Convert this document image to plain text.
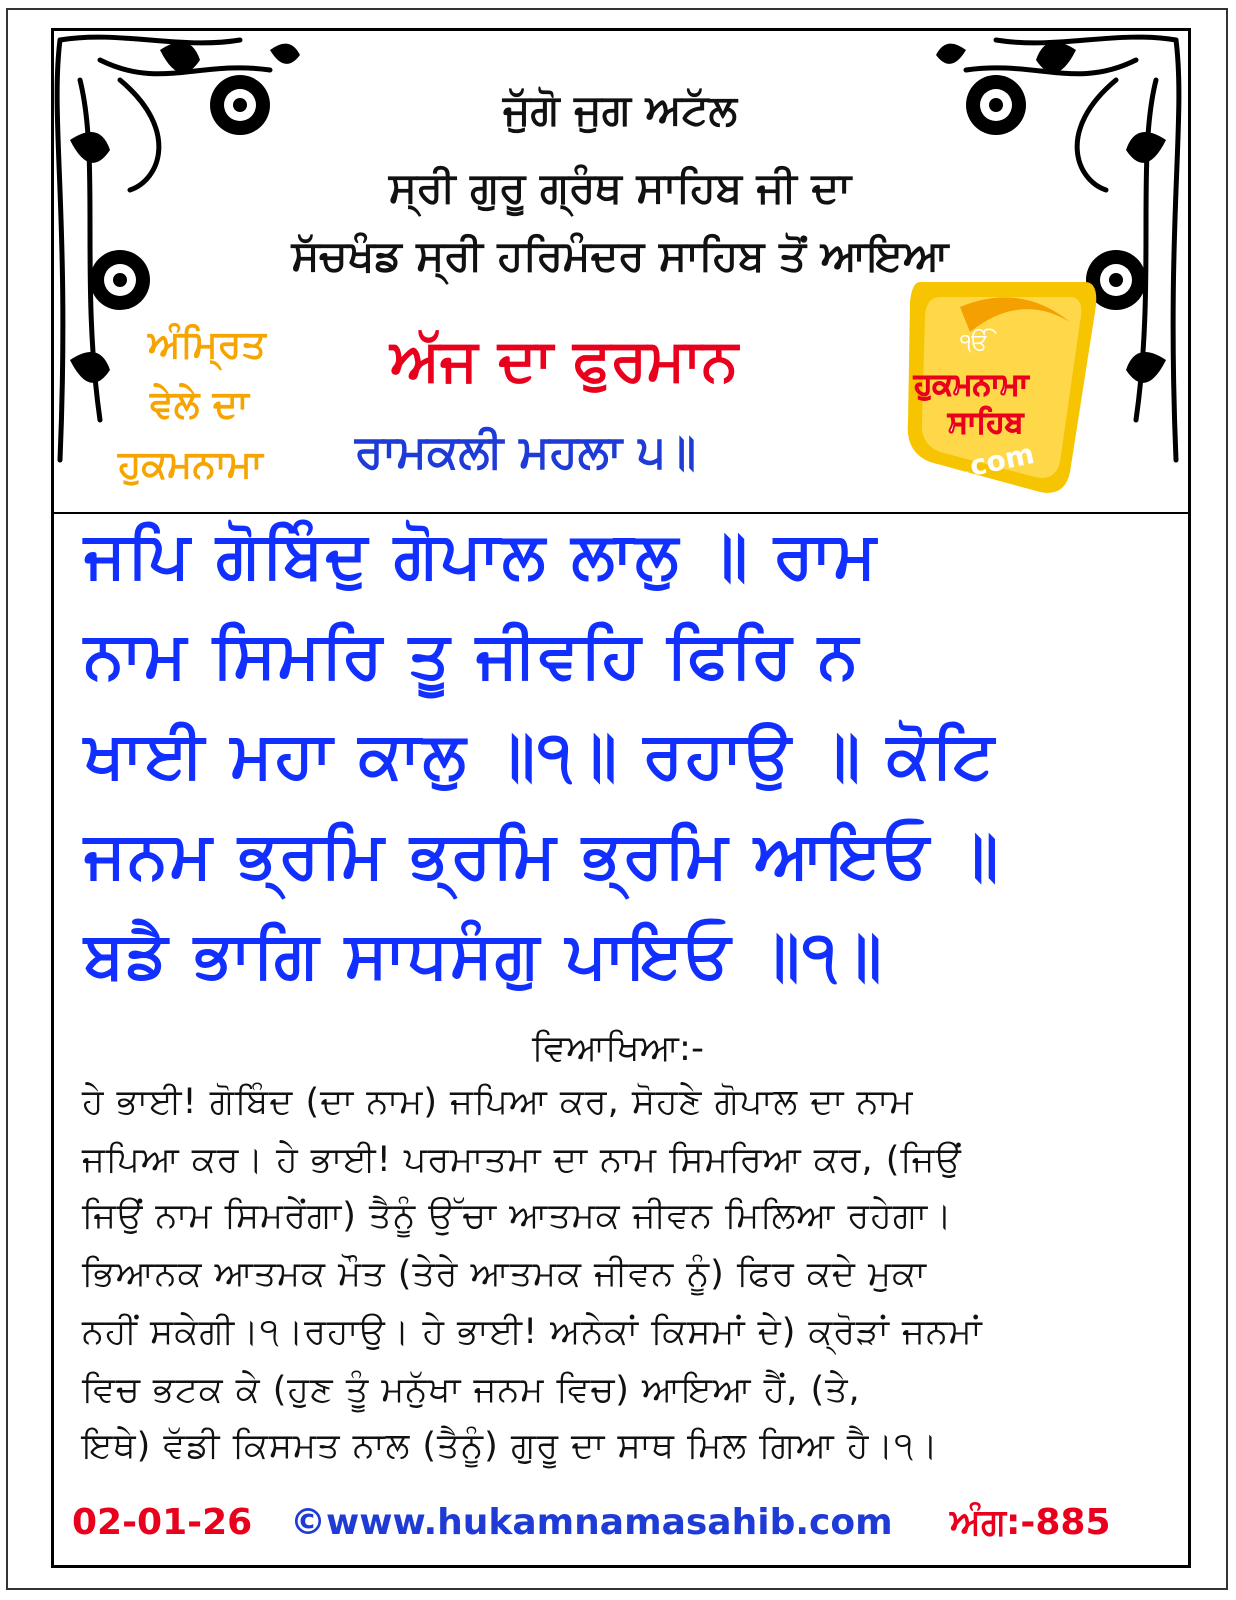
ਜੁੱਗੋ ਜੁਗ ਅਟੱਲ
ਸ੍ਰੀ ਗੁਰੂ ਗ੍ਰੰਥ ਸਾਹਿਬ ਜੀ ਦਾ
ਸੱਚਖੰਡ ਸ੍ਰੀ ਹਰਿਮੰਦਰ ਸਾਹਿਬ ਤੋਂ ਆਇਆ
ਅੰਮ੍ਰਿਤ
ਵੇਲੇ ਦਾ
ਹੁਕਮਨਾਮਾ
ਅੱਜ ਦਾ ਫੁਰਮਾਨ
ਰਾਮਕਲੀ ਮਹਲਾ ੫॥
ੴ
ਹੁਕਮਨਾਮਾ
ਸਾਹਿਬ
.com
ਜਪਿ ਗੋਬਿੰਦੁ ਗੋਪਾਲ ਲਾਲੁ ॥ ਰਾਮ
ਨਾਮ ਸਿਮਰਿ ਤੂ ਜੀਵਹਿ ਫਿਰਿ ਨ
ਖਾਈ ਮਹਾ ਕਾਲੁ ॥੧॥ ਰਹਾਉ ॥ ਕੋਟਿ
ਜਨਮ ਭ੍ਰਮਿ ਭ੍ਰਮਿ ਭ੍ਰਮਿ ਆਇਓ ॥
ਬਡੈ ਭਾਗਿ ਸਾਧਸੰਗੁ ਪਾਇਓ ॥੧॥
ਵਿਆਖਿਆ:-
ਹੇ ਭਾਈ! ਗੋਬਿੰਦ (ਦਾ ਨਾਮ) ਜਪਿਆ ਕਰ, ਸੋਹਣੇ ਗੋਪਾਲ ਦਾ ਨਾਮ
ਜਪਿਆ ਕਰ। ਹੇ ਭਾਈ! ਪਰਮਾਤਮਾ ਦਾ ਨਾਮ ਸਿਮਰਿਆ ਕਰ, (ਜਿਉਂ
ਜਿਉਂ ਨਾਮ ਸਿਮਰੇਂਗਾ) ਤੈਨੂੰ ਉੱਚਾ ਆਤਮਕ ਜੀਵਨ ਮਿਲਿਆ ਰਹੇਗਾ।
ਭਿਆਨਕ ਆਤਮਕ ਮੌਤ (ਤੇਰੇ ਆਤਮਕ ਜੀਵਨ ਨੂੰ) ਫਿਰ ਕਦੇ ਮੁਕਾ
ਨਹੀਂ ਸਕੇਗੀ।੧।ਰਹਾਉ। ਹੇ ਭਾਈ! ਅਨੇਕਾਂ ਕਿਸਮਾਂ ਦੇ) ਕ੍ਰੋੜਾਂ ਜਨਮਾਂ
ਵਿਚ ਭਟਕ ਕੇ (ਹੁਣ ਤੂੰ ਮਨੁੱਖਾ ਜਨਮ ਵਿਚ) ਆਇਆ ਹੈਂ, (ਤੇ,
ਇਥੇ) ਵੱਡੀ ਕਿਸਮਤ ਨਾਲ (ਤੈਨੂੰ) ਗੁਰੂ ਦਾ ਸਾਥ ਮਿਲ ਗਿਆ ਹੈ।੧।
02-01-26 ©www.hukamnamasahib.com ਅੰਗ:-885
